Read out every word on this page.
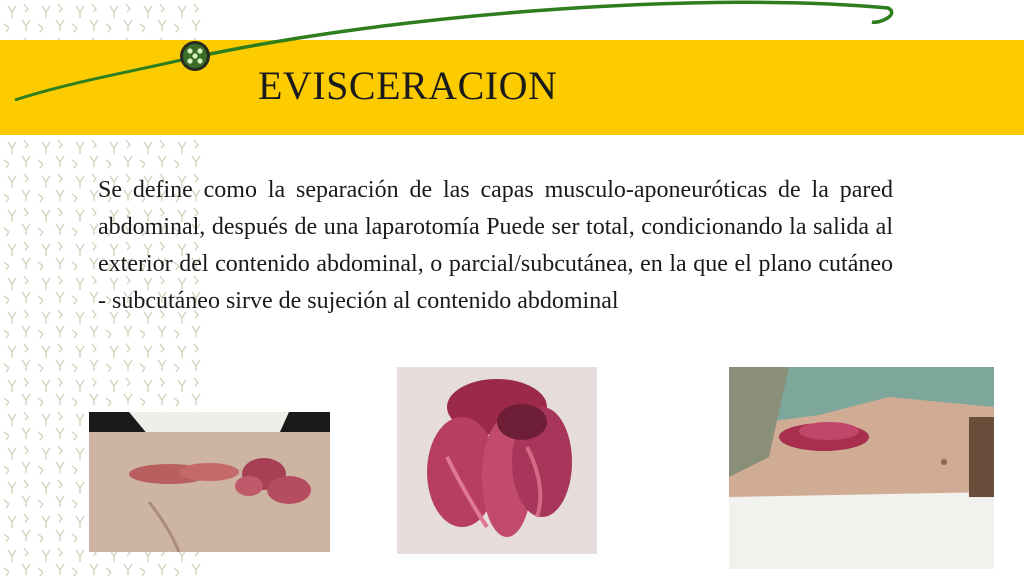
EVISCERACION

Se define como la separación de las capas musculo-aponeuróticas de la pared abdominal, después de una laparotomía Puede ser total, condicionando la salida al exterior del contenido abdominal, o parcial/subcutánea, en la que el plano cutáneo - subcutáneo sirve de sujeción al contenido abdominal
